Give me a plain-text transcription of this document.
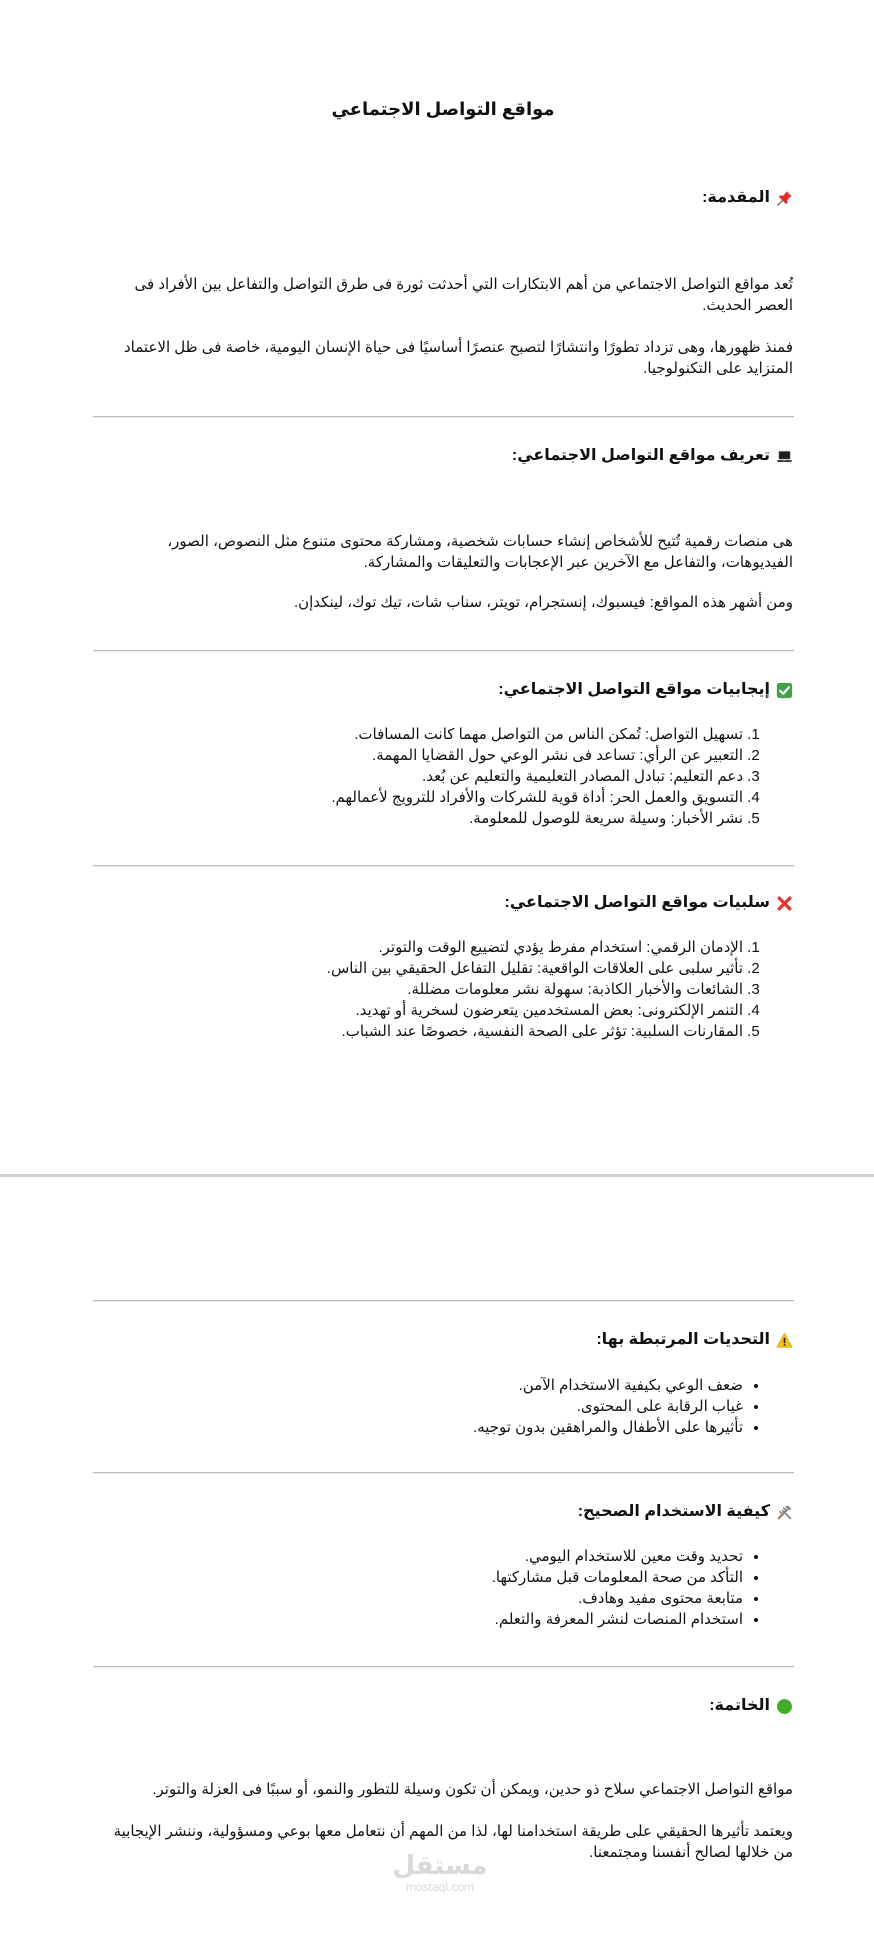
مواقع التواصل الاجتماعي
المقدمة:

تُعد مواقع التواصل الاجتماعي من أهم الابتكارات التي أحدثت ثورة فى طرق التواصل والتفاعل بين الأفراد فى العصر الحديث.

فمنذ ظهورها، وهى تزداد تطورًا وانتشارًا لتصبح عنصرًا أساسيًا فى حياة الإنسان اليومية، خاصة فى ظل الاعتماد المتزايد على التكنولوجيا.

تعريف مواقع التواصل الاجتماعي:

هى منصات رقمية تُتيح للأشخاص إنشاء حسابات شخصية، ومشاركة محتوى متنوع مثل النصوص، الصور، الفيديوهات، والتفاعل مع الآخرين عبر الإعجابات والتعليقات والمشاركة.

ومن أشهر هذه المواقع: فيسبوك، إنستجرام، تويتر، سناب شات، تيك توك، لينكدإن.

إيجابيات مواقع التواصل الاجتماعي:
1. تسهيل التواصل: تُمكن الناس من التواصل مهما كانت المسافات.
2. التعبير عن الرأي: تساعد فى نشر الوعي حول القضايا المهمة.
3. دعم التعليم: تبادل المصادر التعليمية والتعليم عن بُعد.
4. التسويق والعمل الحر: أداة قوية للشركات والأفراد للترويج لأعمالهم.
5. نشر الأخبار: وسيلة سريعة للوصول للمعلومة.
سلبيات مواقع التواصل الاجتماعي:
1. الإدمان الرقمي: استخدام مفرط يؤدي لتضييع الوقت والتوتر.
2. تأثير سلبى على العلاقات الواقعية: تقليل التفاعل الحقيقي بين الناس.
3. الشائعات والأخبار الكاذبة: سهولة نشر معلومات مضللة.
4. التنمر الإلكترونى: بعض المستخدمين يتعرضون لسخرية أو تهديد.
5. المقارنات السلبية: تؤثر على الصحة النفسية، خصوصًا عند الشباب.
التحديات المرتبطة بها:
• ضعف الوعي بكيفية الاستخدام الآمن.
• غياب الرقابة على المحتوى.
• تأثيرها على الأطفال والمراهقين بدون توجيه.
كيفية الاستخدام الصحيح:
• تحديد وقت معين للاستخدام اليومي.
• التأكد من صحة المعلومات قبل مشاركتها.
• متابعة محتوى مفيد وهادف.
• استخدام المنصات لنشر المعرفة والتعلم.
الخاتمة:

مواقع التواصل الاجتماعي سلاح ذو حدين، ويمكن أن تكون وسيلة للتطور والنمو، أو سببًا فى العزلة والتوتر.

ويعتمد تأثيرها الحقيقي على طريقة استخدامنا لها، لذا من المهم أن نتعامل معها بوعي ومسؤولية، وننشر الإيجابية من خلالها لصالح أنفسنا ومجتمعنا.

مستقل
mostaql.com
